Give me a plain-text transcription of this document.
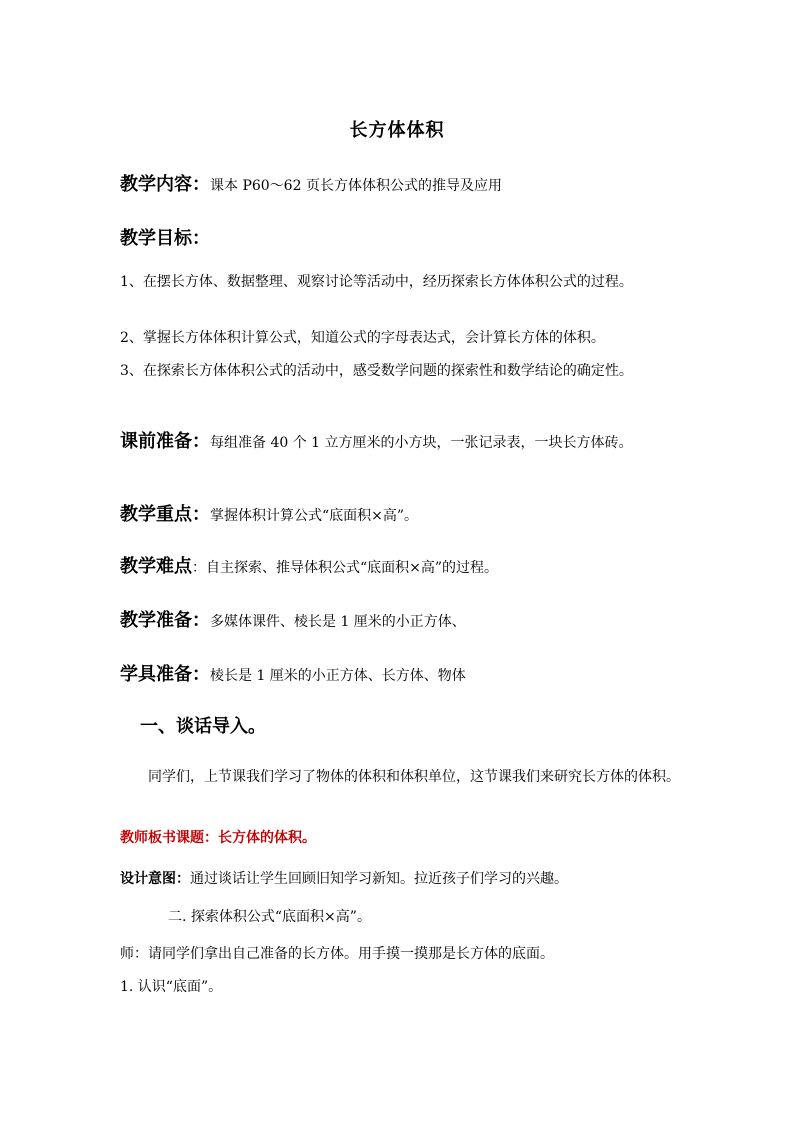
长方体体积
教学内容：课本 P60～62 页长方体体积公式的推导及应用
教学目标：
1、在摆长方体、数据整理、观察讨论等活动中，经历探索长方体体积公式的过程。
2、掌握长方体体积计算公式，知道公式的字母表达式，会计算长方体的体积。
3、在探索长方体体积公式的活动中，感受数学问题的探索性和数学结论的确定性。
课前准备：每组准备 40 个 1 立方厘米的小方块，一张记录表，一块长方体砖。
教学重点：掌握体积计算公式“底面积×高”。
教学难点：自主探索、推导体积公式“底面积×高”的过程。
教学准备：多媒体课件、棱长是 1 厘米的小正方体、
学具准备：棱长是 1 厘米的小正方体、长方体、物体
一、谈话导入。
同学们，上节课我们学习了物体的体积和体积单位，这节课我们来研究长方体的体积。
教师板书课题：长方体的体积。
设计意图：通过谈话让学生回顾旧知学习新知。拉近孩子们学习的兴趣。
二. 探索体积公式“底面积×高”。
师：请同学们拿出自己准备的长方体。用手摸一摸那是长方体的底面。
1. 认识“底面”。
